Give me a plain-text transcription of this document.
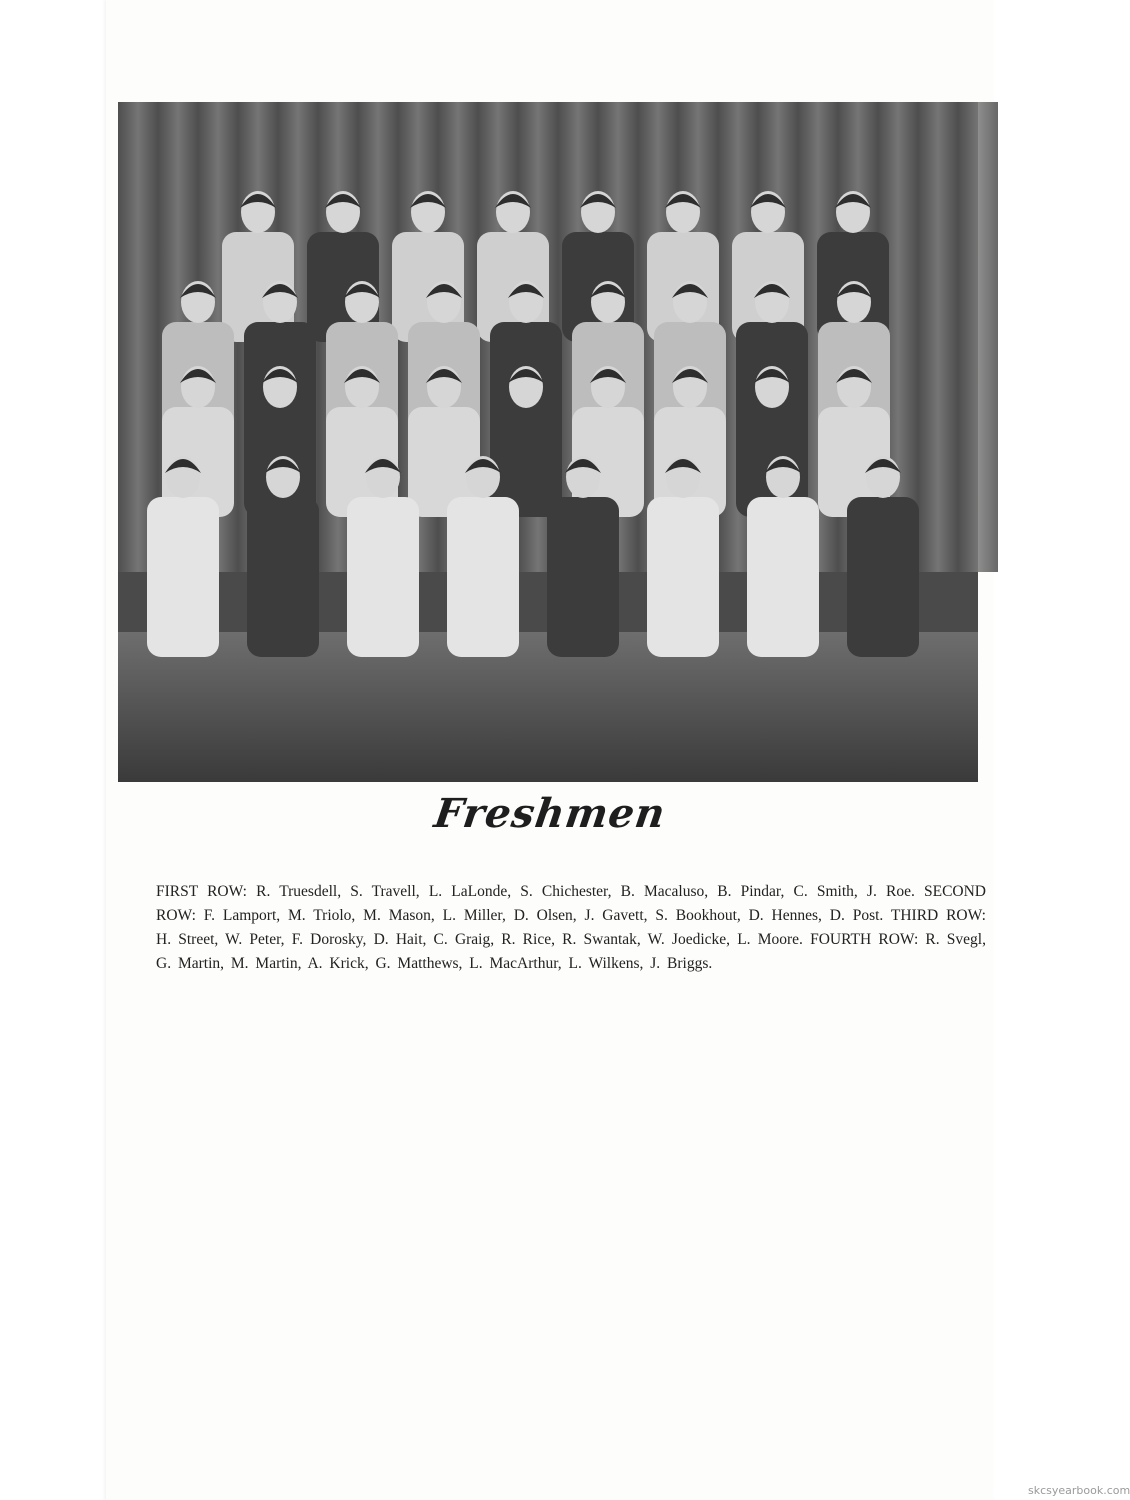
Freshmen
FIRST ROW: R. Truesdell, S. Travell, L. LaLonde, S. Chichester, B. Macaluso, B. Pindar, C. Smith, J. Roe. SECOND ROW: F. Lamport, M. Triolo, M. Mason, L. Miller, D. Olsen, J. Gavett, S. Bookhout, D. Hennes, D. Post. THIRD ROW: H. Street, W. Peter, F. Dorosky, D. Hait, C. Graig, R. Rice, R. Swantak, W. Joedicke, L. Moore. FOURTH ROW: R. Svegl, G. Martin, M. Martin, A. Krick, G. Matthews, L. MacArthur, L. Wilkens, J. Briggs.
skcsyearbook.com
